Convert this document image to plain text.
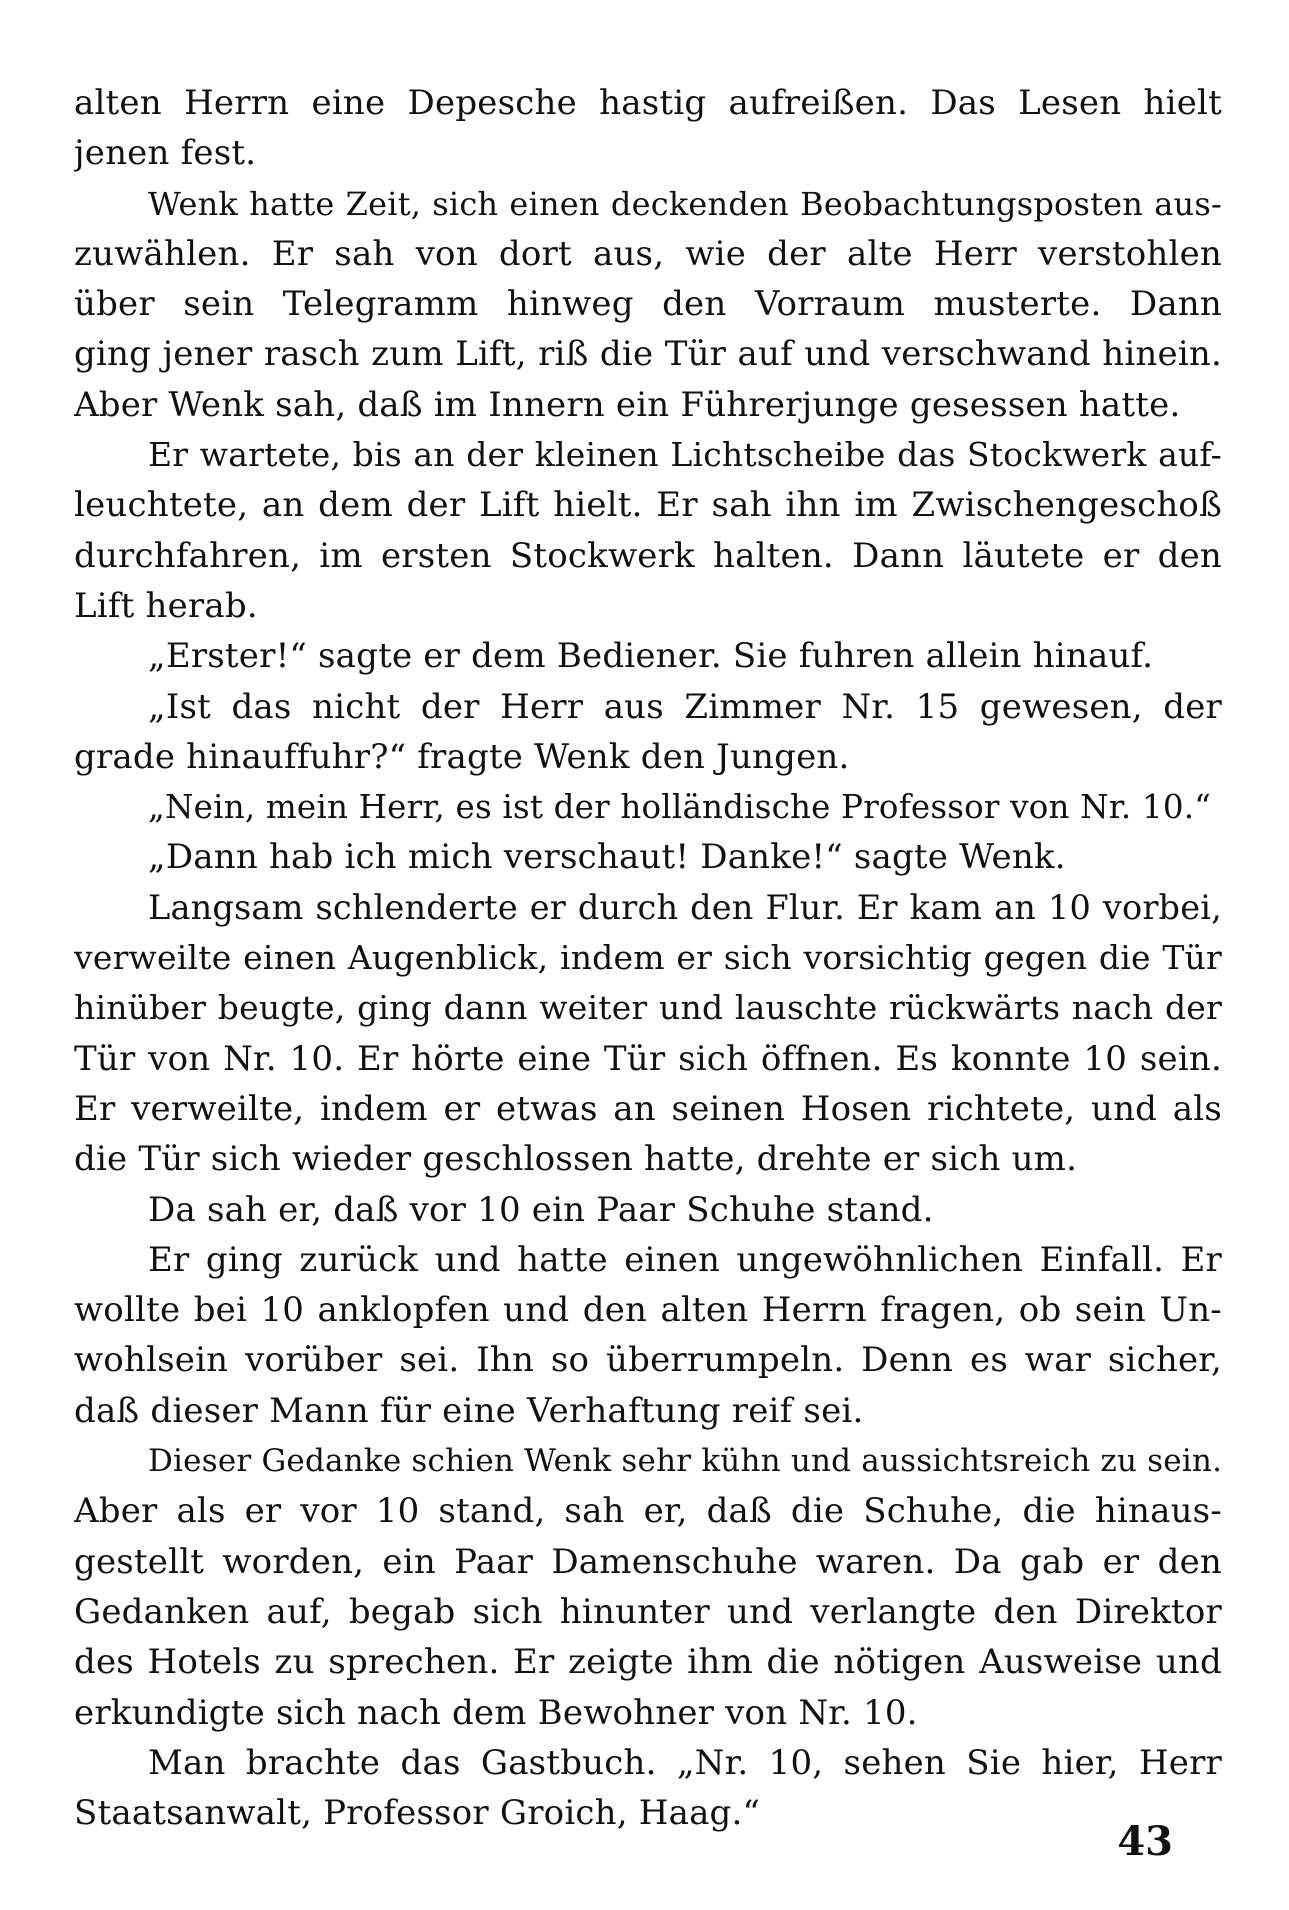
alten Herrn eine Depesche hastig aufreißen. Das Lesen hielt
jenen fest.
Wenk hatte Zeit, sich einen deckenden Beobachtungsposten aus-
zuwählen. Er sah von dort aus, wie der alte Herr verstohlen
über sein Telegramm hinweg den Vorraum musterte. Dann
ging jener rasch zum Lift, riß die Tür auf und verschwand hinein.
Aber Wenk sah, daß im Innern ein Führerjunge gesessen hatte.
Er wartete, bis an der kleinen Lichtscheibe das Stockwerk auf-
leuchtete, an dem der Lift hielt. Er sah ihn im Zwischengeschoß
durchfahren, im ersten Stockwerk halten. Dann läutete er den
Lift herab.
„Erster!“ sagte er dem Bediener. Sie fuhren allein hinauf.
„Ist das nicht der Herr aus Zimmer Nr. 15 gewesen, der
grade hinauffuhr?“ fragte Wenk den Jungen.
„Nein, mein Herr, es ist der holländische Professor von Nr. 10.“
„Dann hab ich mich verschaut! Danke!“ sagte Wenk.
Langsam schlenderte er durch den Flur. Er kam an 10 vorbei,
verweilte einen Augenblick, indem er sich vorsichtig gegen die Tür
hinüber beugte, ging dann weiter und lauschte rückwärts nach der
Tür von Nr. 10. Er hörte eine Tür sich öffnen. Es konnte 10 sein.
Er verweilte, indem er etwas an seinen Hosen richtete, und als
die Tür sich wieder geschlossen hatte, drehte er sich um.
Da sah er, daß vor 10 ein Paar Schuhe stand.
Er ging zurück und hatte einen ungewöhnlichen Einfall. Er
wollte bei 10 anklopfen und den alten Herrn fragen, ob sein Un-
wohlsein vorüber sei. Ihn so überrumpeln. Denn es war sicher,
daß dieser Mann für eine Verhaftung reif sei.
Dieser Gedanke schien Wenk sehr kühn und aussichtsreich zu sein.
Aber als er vor 10 stand, sah er, daß die Schuhe, die hinaus-
gestellt worden, ein Paar Damenschuhe waren. Da gab er den
Gedanken auf, begab sich hinunter und verlangte den Direktor
des Hotels zu sprechen. Er zeigte ihm die nötigen Ausweise und
erkundigte sich nach dem Bewohner von Nr. 10.
Man brachte das Gastbuch. „Nr. 10, sehen Sie hier, Herr
Staatsanwalt, Professor Groich, Haag.“
43
